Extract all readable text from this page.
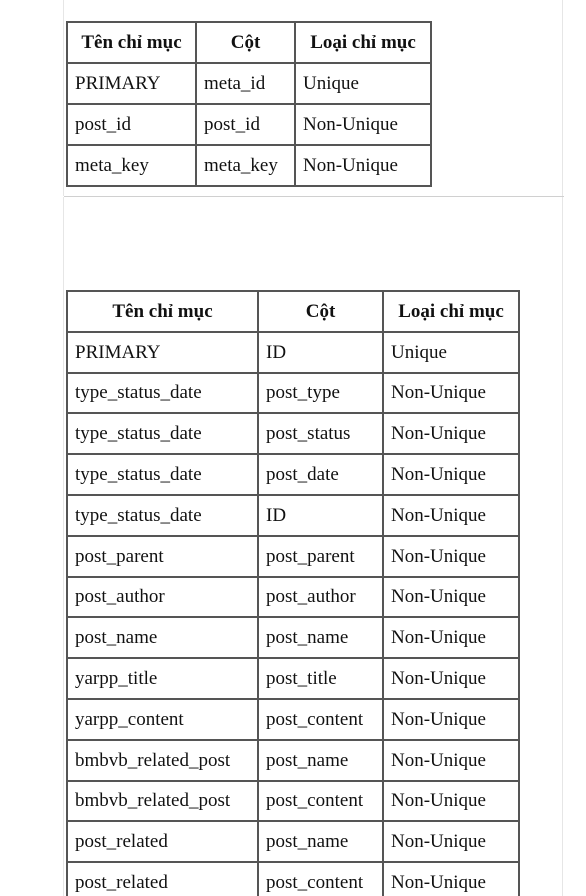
Tên chỉ mục	Cột	Loại chỉ mục
PRIMARY	meta_id	Unique
post_id	post_id	Non-Unique
meta_key	meta_key	Non-Unique
Tên chỉ mục	Cột	Loại chỉ mục
PRIMARY	ID	Unique
type_status_date	post_type	Non-Unique
type_status_date	post_status	Non-Unique
type_status_date	post_date	Non-Unique
type_status_date	ID	Non-Unique
post_parent	post_parent	Non-Unique
post_author	post_author	Non-Unique
post_name	post_name	Non-Unique
yarpp_title	post_title	Non-Unique
yarpp_content	post_content	Non-Unique
bmbvb_related_post	post_name	Non-Unique
bmbvb_related_post	post_content	Non-Unique
post_related	post_name	Non-Unique
post_related	post_content	Non-Unique
